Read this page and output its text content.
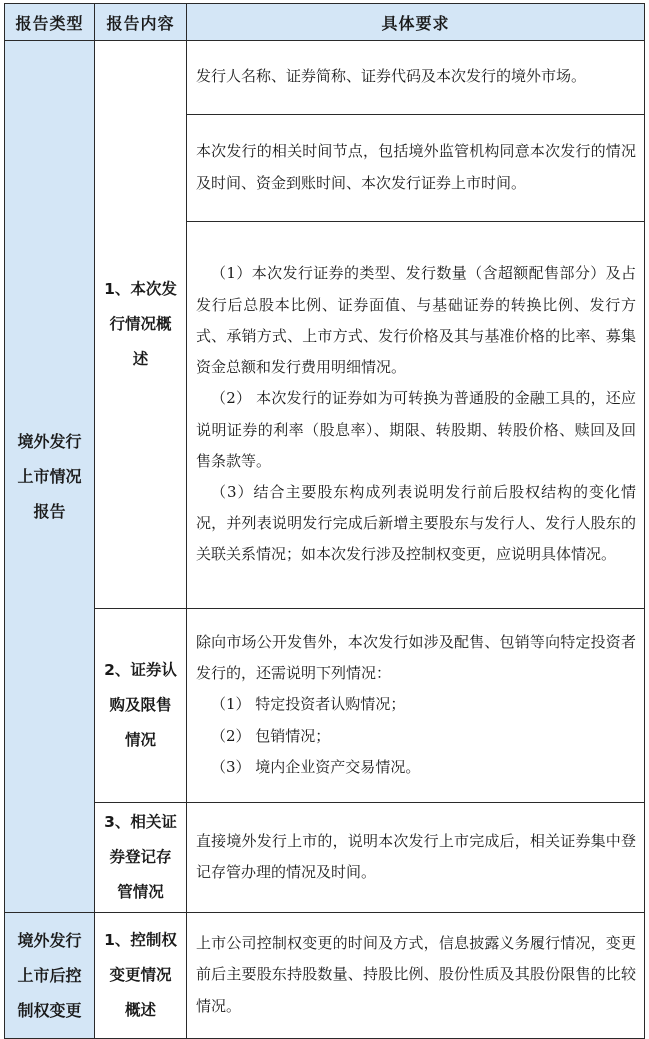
报告类型	报告内容	具体要求
境外发行上市情况报告	1、本次发行情况概述	发行人名称、证券简称、证券代码及本次发行的境外市场。

		本次发行的相关时间节点，包括境外监管机构同意本次发行的情况及时间、资金到账时间、本次发行证券上市时间。

		（1）本次发行证券的类型、发行数量（含超额配售部分）及占发行后总股本比例、证券面值、与基础证券的转换比例、发行方式、承销方式、上市方式、发行价格及其与基准价格的比率、募集资金总额和发行费用明细情况。

（2） 本次发行的证券如为可转换为普通股的金融工具的，还应说明证券的利率（股息率）、期限、转股期、转股价格、赎回及回售条款等。

（3）结合主要股东构成列表说明发行前后股权结构的变化情况，并列表说明发行完成后新增主要股东与发行人、发行人股东的关联关系情况；如本次发行涉及控制权变更，应说明具体情况。

	2、证券认购及限售情况	除向市场公开发售外，本次发行如涉及配售、包销等向特定投资者发行的，还需说明下列情况：

（1） 特定投资者认购情况；

（2） 包销情况；

（3） 境内企业资产交易情况。

	3、相关证券登记存管情况	直接境外发行上市的，说明本次发行上市完成后，相关证券集中登记存管办理的情况及时间。

境外发行上市后控制权变更	1、控制权变更情况概述	上市公司控制权变更的时间及方式，信息披露义务履行情况，变更前后主要股东持股数量、持股比例、股份性质及其股份限售的比较情况。
